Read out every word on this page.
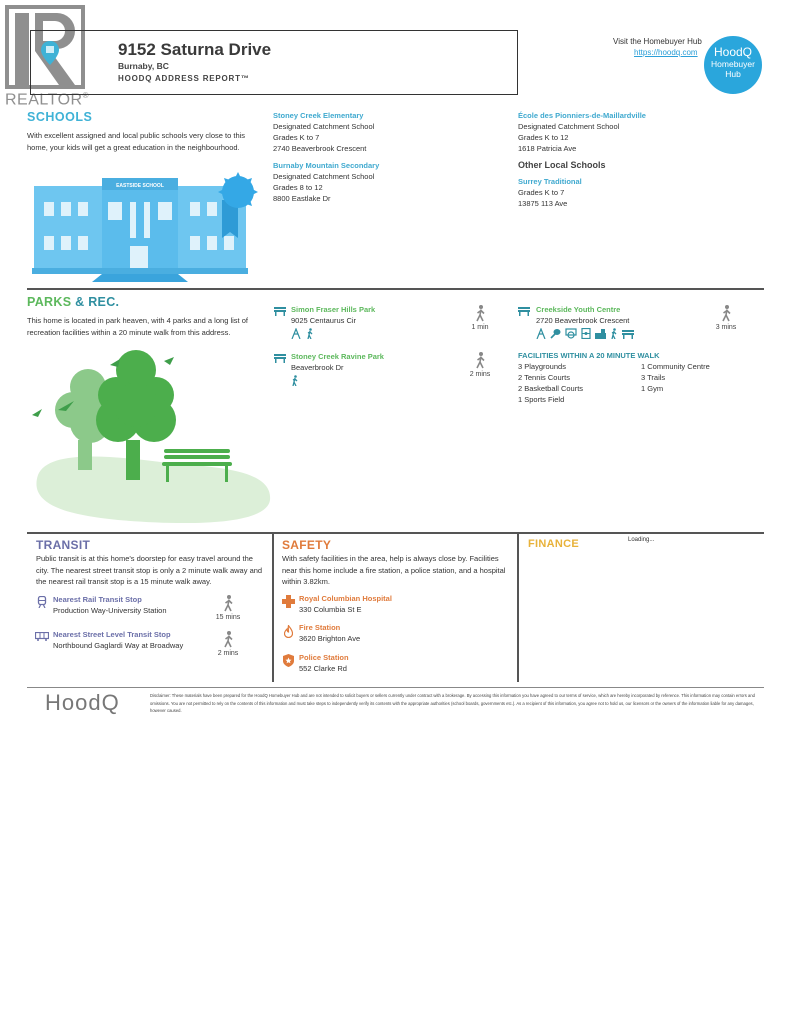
REALTOR®
9152 Saturna Drive
Burnaby, BC
HOODQ ADDRESS REPORT™
Visit the Homebuyer Hub
https://hoodq.com	HoodQ
Homebuyer
Hub
SCHOOLS
With excellent assigned and local public schools very close to this home, your kids will get a great education in the neighbourhood.
EASTSIDE SCHOOL
Stoney Creek Elementary
Designated Catchment School
Grades K to 7
2740 Beaverbrook Crescent
Burnaby Mountain Secondary
Designated Catchment School
Grades 8 to 12
8800 Eastlake Dr
École des Pionniers-de-Maillardville
Designated Catchment School
Grades K to 12
1618 Patricia Ave
Other Local Schools
Surrey Traditional
Grades K to 7
13875 113 Ave
PARKS & REC.
This home is located in park heaven, with 4 parks and a long list of recreation facilities within a 20 minute walk from this address.
Simon Fraser Hills Park
9025 Centaurus Cir
1 min
Stoney Creek Ravine Park
Beaverbrook Dr
2 mins
Creekside Youth Centre
2720 Beaverbrook Crescent
3 mins
FACILITIES WITHIN A 20 MINUTE WALK
3 Playgrounds	1 Community Centre
2 Tennis Courts	3 Trails
2 Basketball Courts	1 Gym
1 Sports Field
TRANSIT
Public transit is at this home's doorstep for easy travel around the city. The nearest street transit stop is only a 2 minute walk away and the nearest rail transit stop is a 15 minute walk away.
Nearest Rail Transit Stop
Production Way-University Station
15 mins
Nearest Street Level Transit Stop
Northbound Gaglardi Way at Broadway
2 mins
SAFETY
With safety facilities in the area, help is always close by. Facilities near this home include a fire station, a police station, and a hospital within 3.82km.
Royal Columbian Hospital
330 Columbia St E
Fire Station
3620 Brighton Ave
Police Station
552 Clarke Rd
FINANCE	Loading...
HoodQ	Disclaimer: These materials have been prepared for the HoodQ Homebuyer Hub and are not intended to solicit buyers or sellers currently under contract with a brokerage. By accessing this information you have agreed to our terms of service, which are hereby incorporated by reference. This information may contain errors and omissions. You are not permitted to rely on the contents of this information and must take steps to independently verify its contents with the appropriate authorities (school boards, governments etc.). As a recipient of this information, you agree not to hold us, our licensors or the owners of the information liable for any damages, however caused.
